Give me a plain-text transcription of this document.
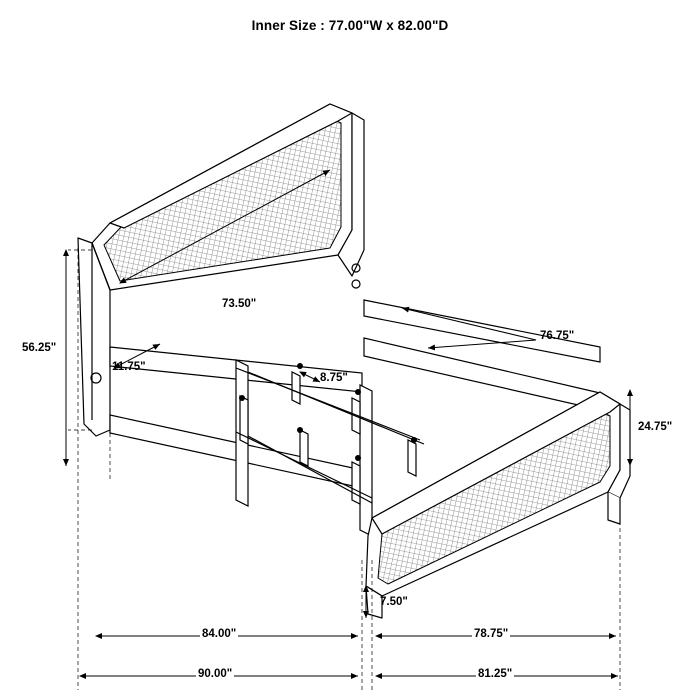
Inner Size : 77.00"W x 82.00"D
73.50"
56.25"
11.75"
8.75"
76.75"
24.75"
7.50"
84.00"	78.75"
90.00"	81.25"
